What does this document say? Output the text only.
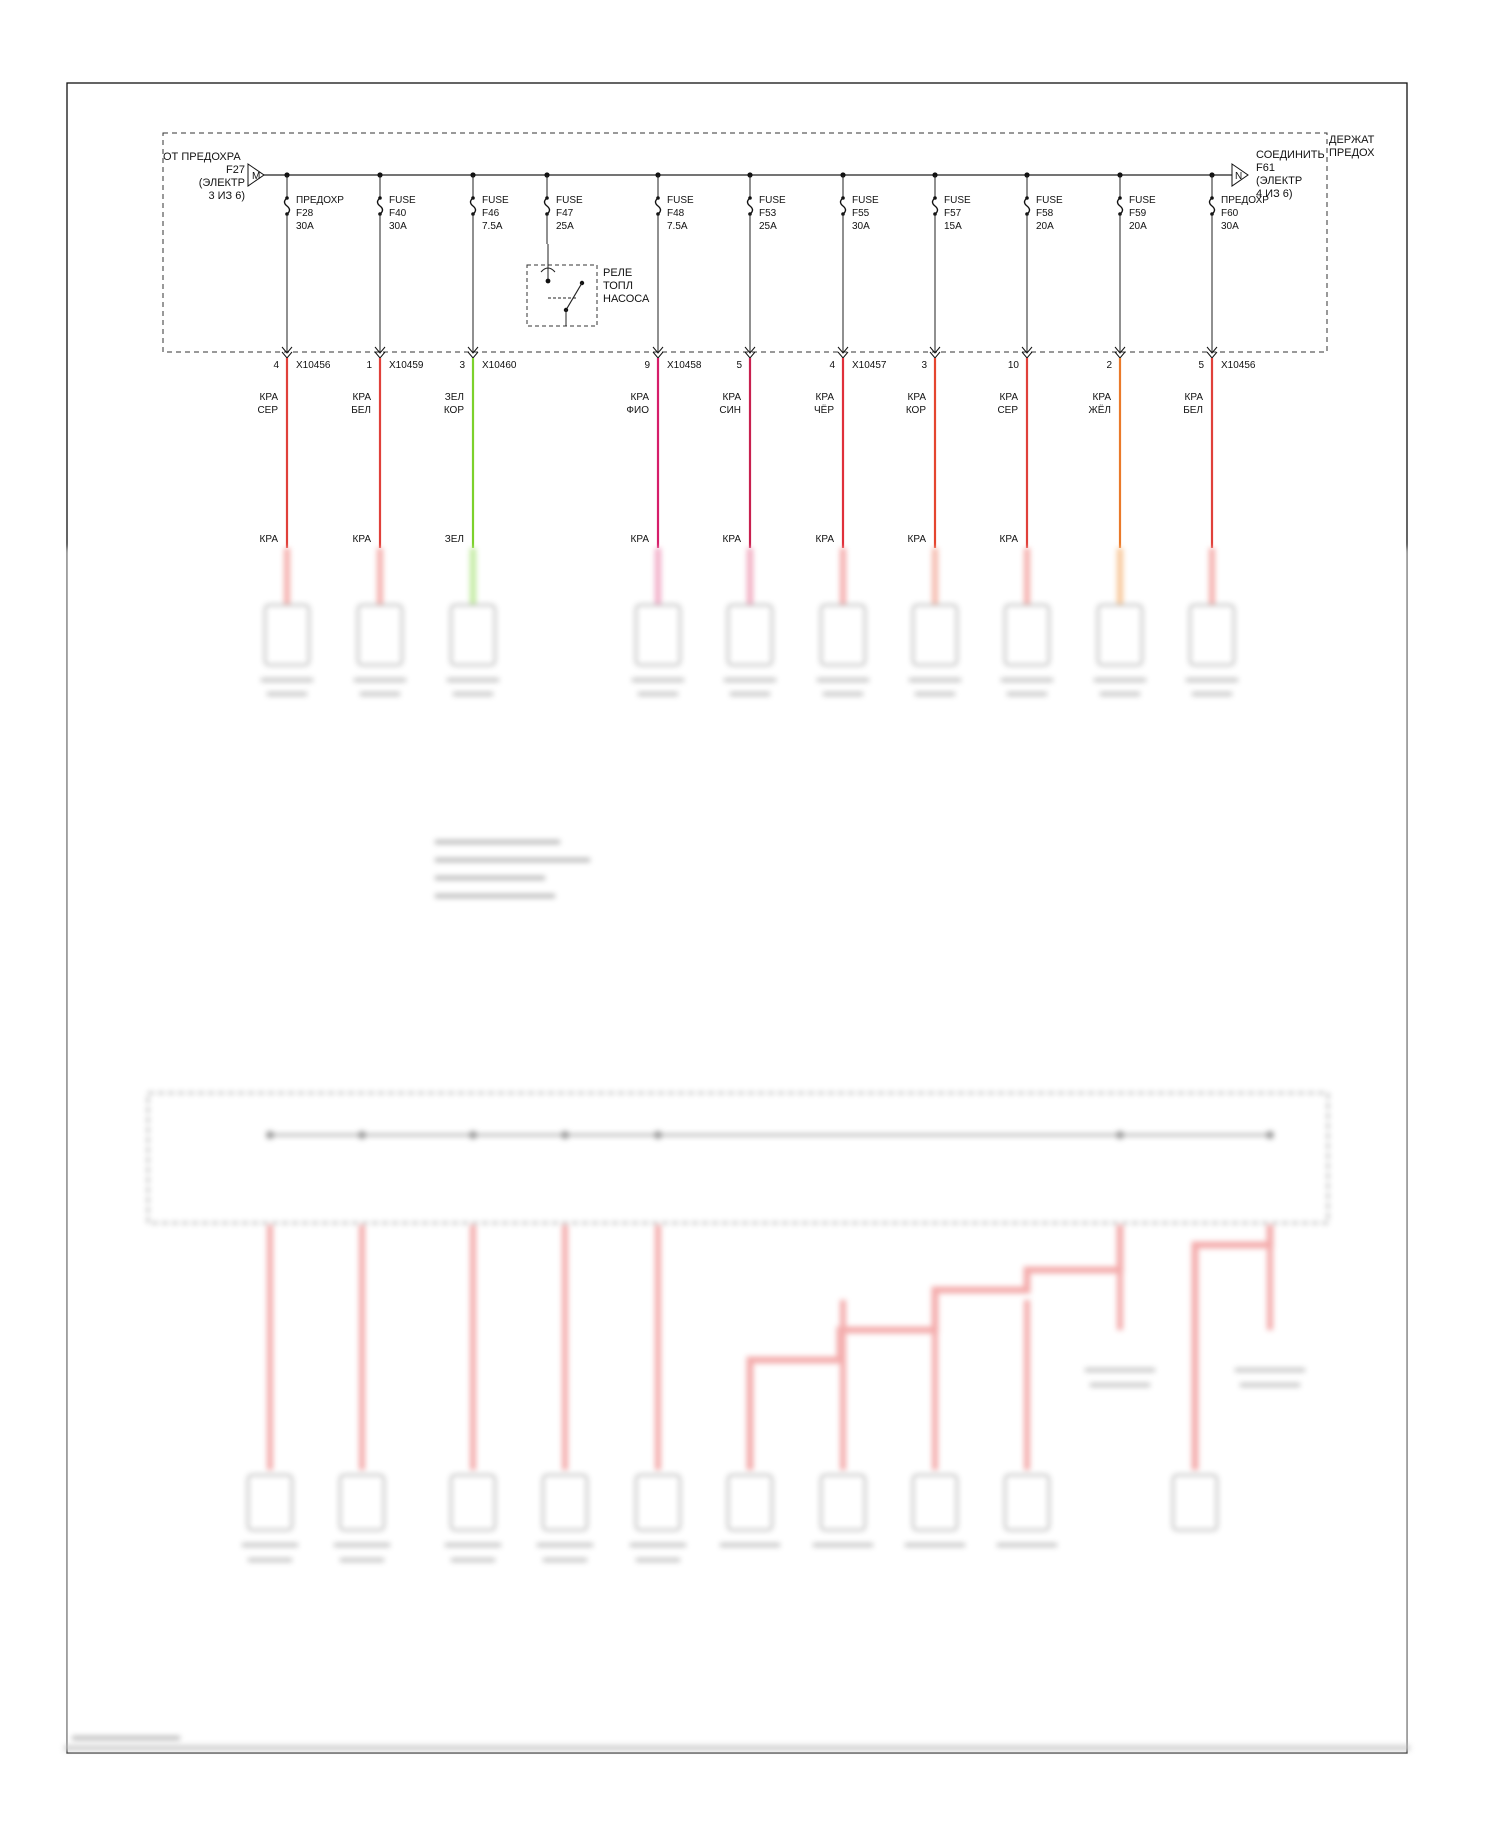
ОТ ПРЕДОХРА
F27
(ЭЛЕКТР
3 ИЗ 6)
M	N
СОЕДИНИТЬ
F61
(ЭЛЕКТР
4 ИЗ 6)
ДЕРЖАТ
ПРЕДОХ
ПРЕДОХР
F28
30A
4 X10456
КРА
СЕР
КРА
FUSE
F40
30A
1 X10459
КРА
БЕЛ
КРА
FUSE
F46
7.5A
3 X10460
ЗЕЛ
КОР
ЗЕЛ
FUSE
F47
25A
FUSE
F48
7.5A
9 X10458
КРА
ФИО
КРА
FUSE
F53
25A
5
КРА
СИН
КРА
FUSE
F55
30A
4 X10457
КРА
ЧЁР
КРА
FUSE
F57
15A
3
КРА
КОР
КРА
FUSE
F58
20A
10
КРА
СЕР
КРА
FUSE
F59
20A
2
КРА
ЖЁЛ
ПРЕДОХР
F60
30A
5 X10456
КРА
БЕЛ
РЕЛЕ
ТОПЛ
НАСОСА
